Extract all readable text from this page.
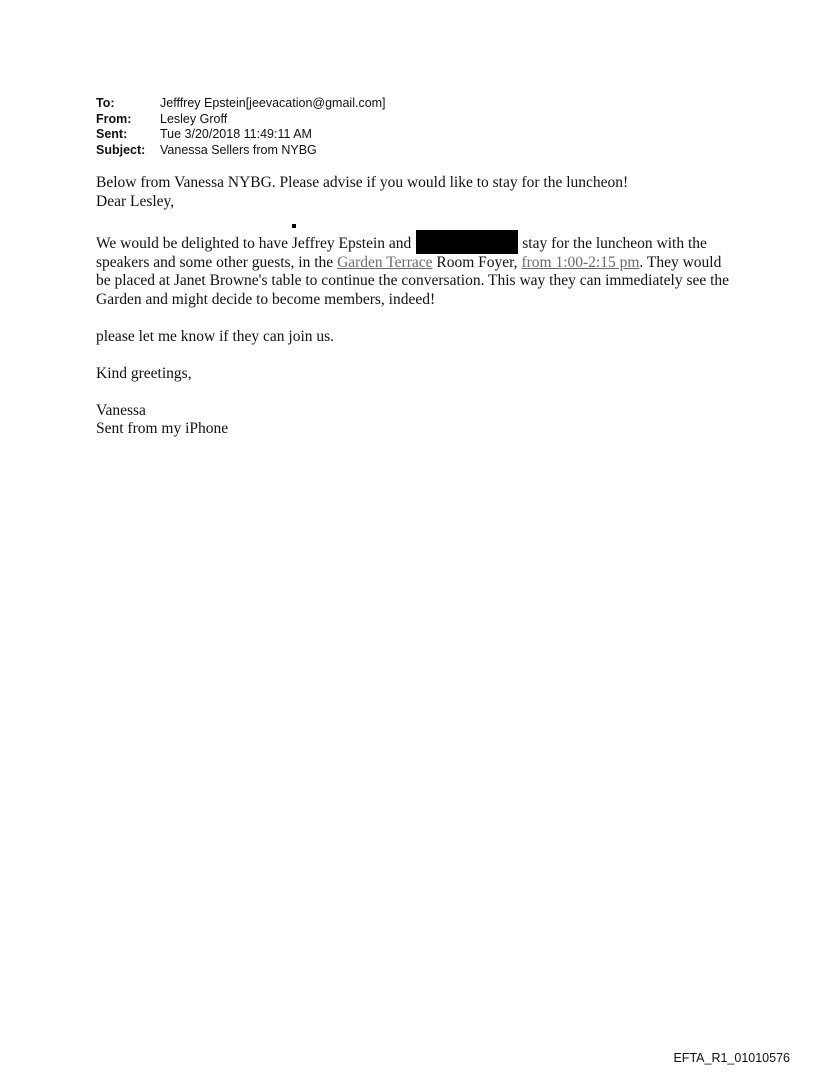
To:	Jefffrey Epstein[jeevacation@gmail.com]
From:	Lesley Groff
Sent:	Tue 3/20/2018 11:49:11 AM
Subject:	Vanessa Sellers from NYBG

Below from Vanessa NYBG. Please advise if you would like to stay for the luncheon!

Dear Lesley,

We would be delighted to have Jeffrey Epstein and	stay for the luncheon with the speakers and some other guests, in the Garden Terrace Room Foyer, from 1:00-2:15 pm. They would be placed at Janet Browne's table to continue the conversation. This way they can immediately see the Garden and might decide to become members, indeed!

please let me know if they can join us.

Kind greetings,

Vanessa

Sent from my iPhone

EFTA_R1_01010576
